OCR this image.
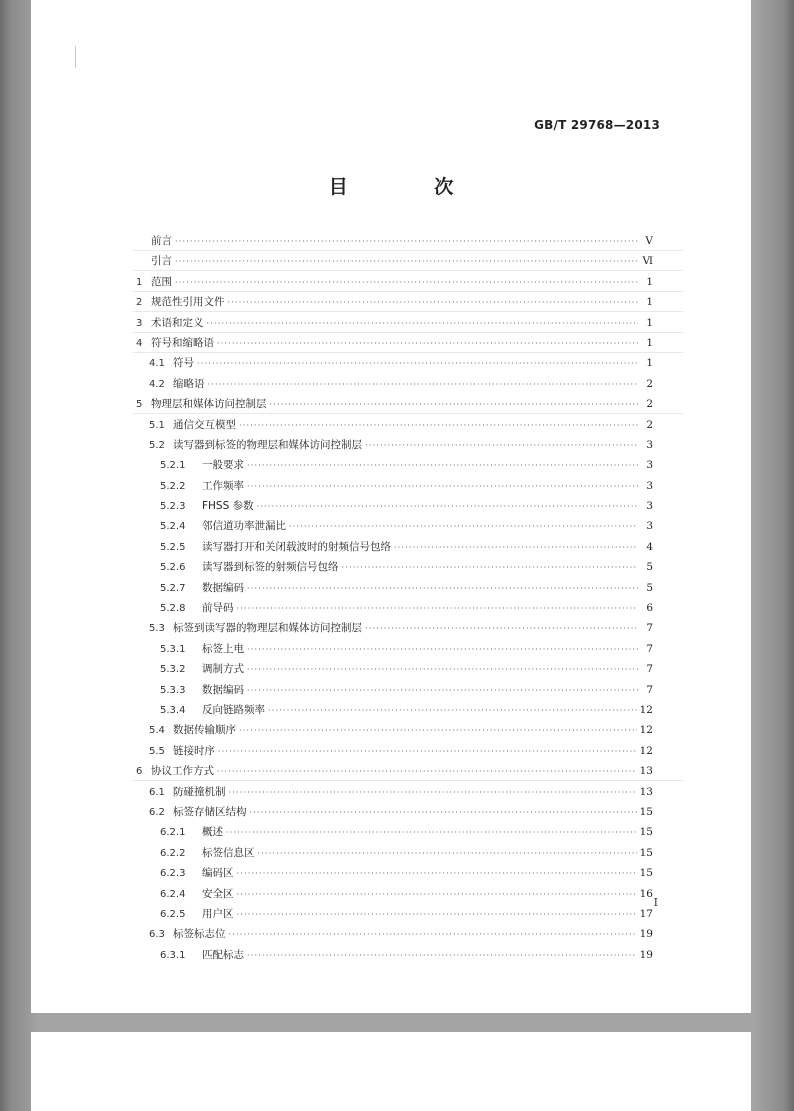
GB/T 29768—2013
目 次
前言 ·····	V
引言 ·····	Ⅵ
1 范围 ·····	1
2 规范性引用文件 ·····	1
3 术语和定义 ·····	1
4 符号和缩略语 ·····	1
4.1 符号 ·····	1
4.2 缩略语 ·····	2
5 物理层和媒体访问控制层 ·····	2
5.1 通信交互模型 ·····	2
5.2 读写器到标签的物理层和媒体访问控制层 ·····	3
5.2.1	一般要求 ·····	3
5.2.2	工作频率 ·····	3
5.2.3	FHSS 参数 ·····	3
5.2.4	邻信道功率泄漏比 ·····	3
5.2.5	读写器打开和关闭载波时的射频信号包络 ·····	4
5.2.6	读写器到标签的射频信号包络 ·····	5
5.2.7	数据编码 ·····	5
5.2.8	前导码 ·····	6
5.3 标签到读写器的物理层和媒体访问控制层 ·····	7
5.3.1	标签上电 ·····	7
5.3.2	调制方式 ·····	7
5.3.3	数据编码 ·····	7
5.3.4	反向链路频率 ·····	12
5.4 数据传输顺序 ·····	12
5.5 链接时序 ·····	12
6 协议工作方式 ·····	13
6.1 防碰撞机制 ·····	13
6.2 标签存储区结构 ·····	15
6.2.1	概述 ·····	15
6.2.2	标签信息区 ·····	15
6.2.3	编码区 ·····	15
6.2.4	安全区 ·····	16
6.2.5	用户区 ·····	17
6.3 标签标志位 ·····	19
6.3.1	匹配标志 ·····	19
I
